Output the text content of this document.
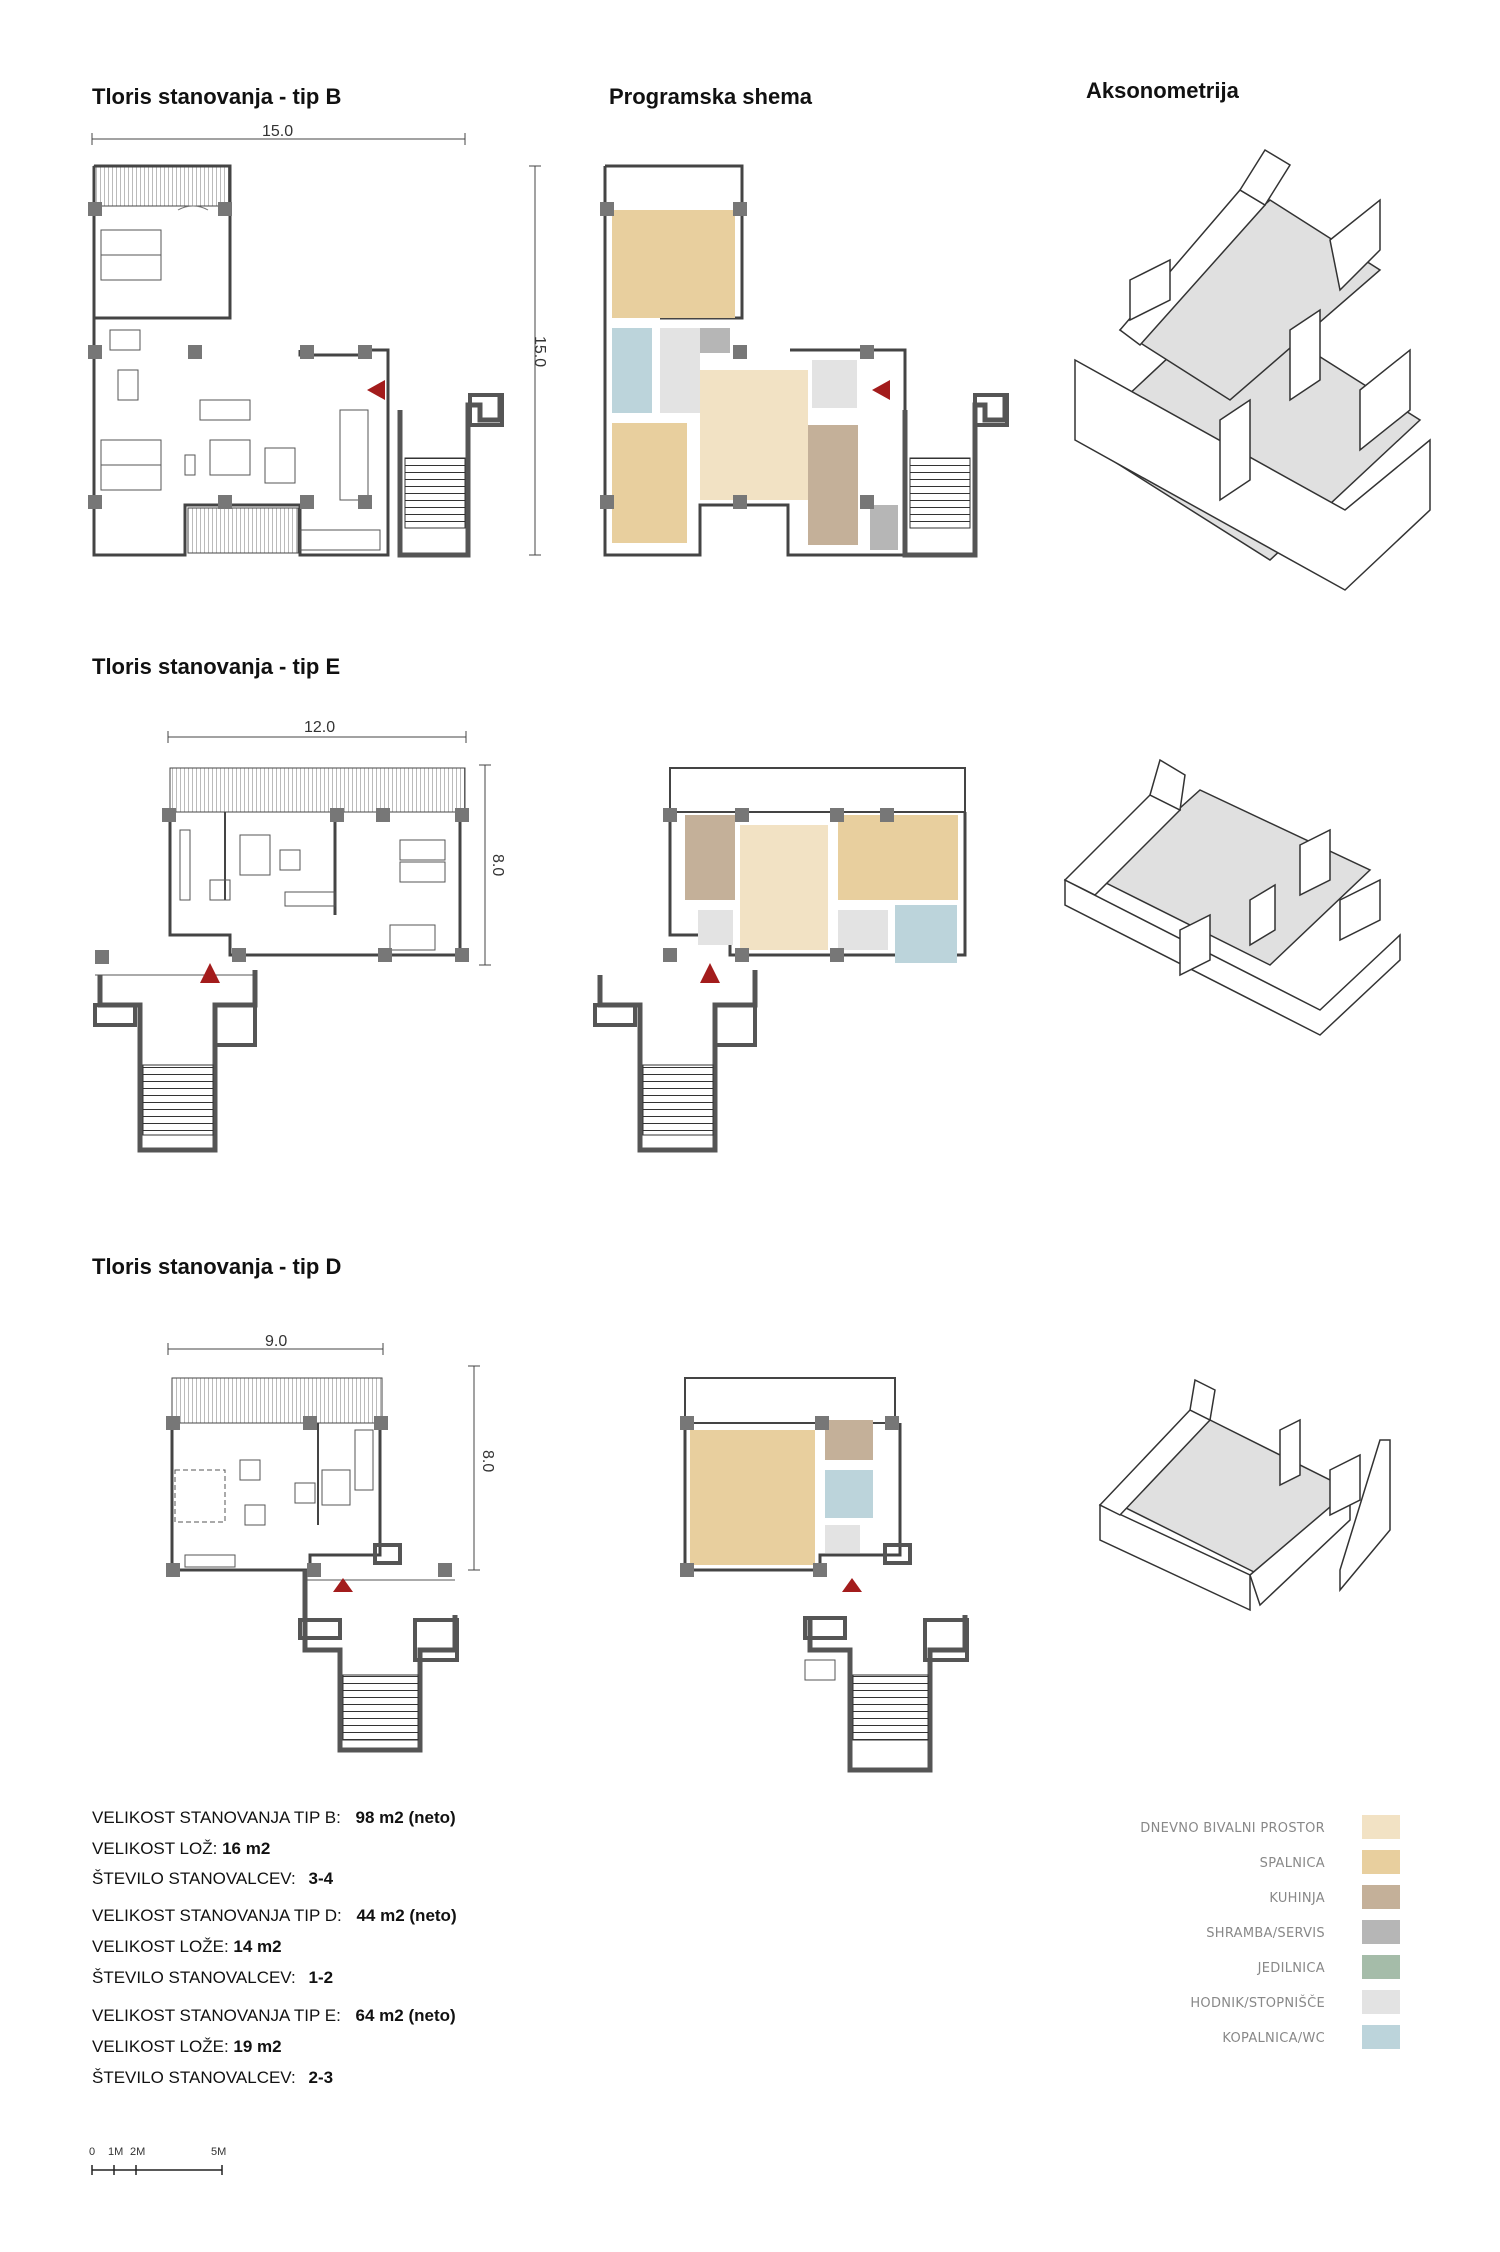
Tloris stanovanja - tip B	Programska shema	Aksonometrija
Tloris stanovanja - tip E
Tloris stanovanja - tip D
15.0
15.0
12.0
8.0
9.0
8.0
VELIKOST STANOVANJA TIP B: 98 m2 (neto)
VELIKOST LOŽ: 16 m2
ŠTEVILO STANOVALCEV: 3-4
VELIKOST STANOVANJA TIP D: 44 m2 (neto)
VELIKOST LOŽE: 14 m2
ŠTEVILO STANOVALCEV: 1-2
VELIKOST STANOVANJA TIP E: 64 m2 (neto)
VELIKOST LOŽE: 19 m2
ŠTEVILO STANOVALCEV: 2-3
DNEVNO BIVALNI PROSTOR
SPALNICA
KUHINJA
SHRAMBA/SERVIS
JEDILNICA
HODNIK/STOPNIŠČE
KOPALNICA/WC
0 1M 2M	5M
